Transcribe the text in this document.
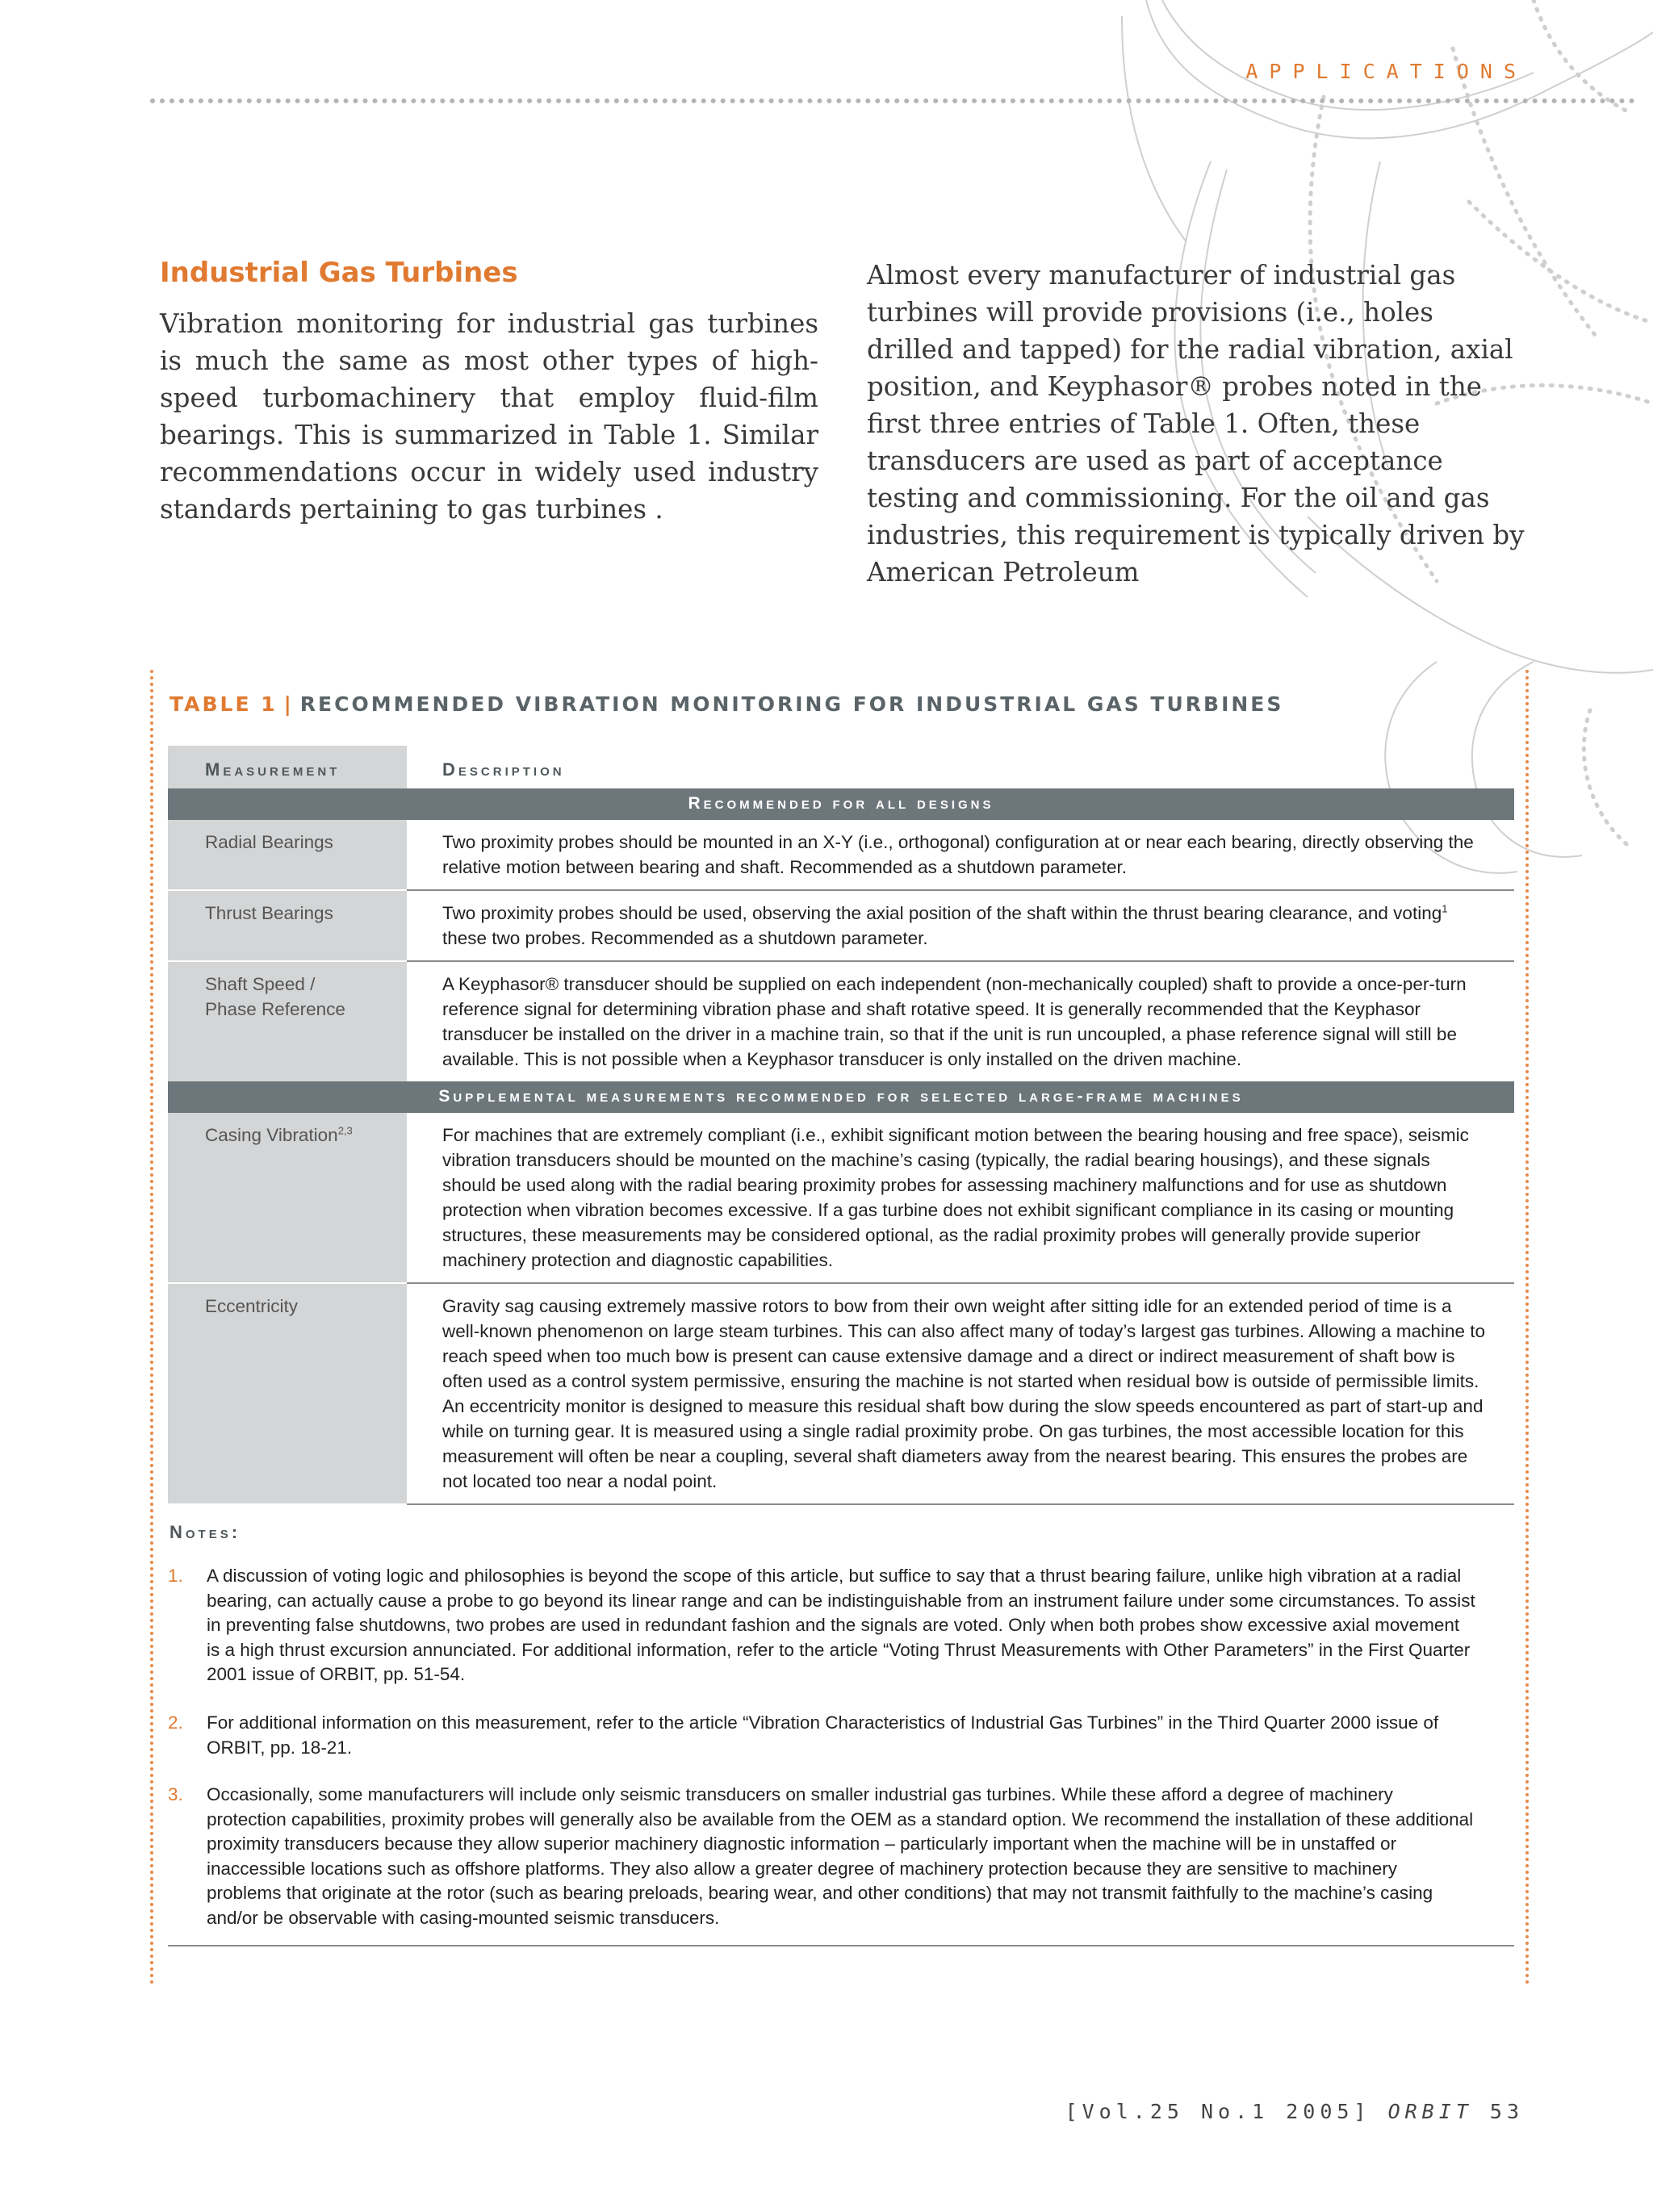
APPLICATIONS
Industrial Gas Turbines
Vibration monitoring for industrial gas turbines is much the same as most other types of high-speed turbomachinery that employ fluid-film bearings. This is summarized in Table 1. Similar recommendations occur in widely used industry standards pertaining to gas turbines .
Almost every manufacturer of industrial gas turbines will provide provisions (i.e., holes drilled and tapped) for the radial vibration, axial position, and Keyphasor® probes noted in the first three entries of Table 1. Often, these transducers are used as part of acceptance testing and commissioning. For the oil and gas industries, this requirement is typically driven by American Petroleum
TABLE 1 | RECOMMENDED VIBRATION MONITORING FOR INDUSTRIAL GAS TURBINES
Measurement	Description
Recommended for all designs	
Radial Bearings	Two proximity probes should be mounted in an X-Y (i.e., orthogonal) configuration at or near each bearing, directly observing the relative motion between bearing and shaft. Recommended as a shutdown parameter.
Thrust Bearings	Two proximity probes should be used, observing the axial position of the shaft within the thrust bearing clearance, and voting$^1$ these two probes. Recommended as a shutdown parameter.
Shaft Speed /
Phase Reference	A Keyphasor® transducer should be supplied on each independent (non-mechanically coupled) shaft to provide a once-per-turn reference signal for determining vibration phase and shaft rotative speed. It is generally recommended that the Keyphasor transducer be installed on the driver in a machine train, so that if the unit is run uncoupled, a phase reference signal will still be available. This is not possible when a Keyphasor transducer is only installed on the driven machine.
Supplemental measurements recommended for selected large-frame machines	
Casing Vibration$^{2,3}$	For machines that are extremely compliant (i.e., exhibit significant motion between the bearing housing and free space), seismic vibration transducers should be mounted on the machine’s casing (typically, the radial bearing housings), and these signals should be used along with the radial bearing proximity probes for assessing machinery malfunctions and for use as shutdown protection when vibration becomes excessive. If a gas turbine does not exhibit significant compliance in its casing or mounting structures, these measurements may be considered optional, as the radial proximity probes will generally provide superior machinery protection and diagnostic capabilities.
Eccentricity	Gravity sag causing extremely massive rotors to bow from their own weight after sitting idle for an extended period of time is a well-known phenomenon on large steam turbines. This can also affect many of today’s largest gas turbines. Allowing a machine to reach speed when too much bow is present can cause extensive damage and a direct or indirect measurement of shaft bow is often used as a control system permissive, ensuring the machine is not started when residual bow is outside of permissible limits. An eccentricity monitor is designed to measure this residual shaft bow during the slow speeds encountered as part of start-up and while on turning gear. It is measured using a single radial proximity probe. On gas turbines, the most accessible location for this measurement will often be near a coupling, several shaft diameters away from the nearest bearing. This ensures the probes are not located too near a nodal point.
Notes:
1. A discussion of voting logic and philosophies is beyond the scope of this article, but suffice to say that a thrust bearing failure, unlike high vibration at a radial bearing, can actually cause a probe to go beyond its linear range and can be indistinguishable from an instrument failure under some circumstances. To assist in preventing false shutdowns, two probes are used in redundant fashion and the signals are voted. Only when both probes show excessive axial movement is a high thrust excursion annunciated. For additional information, refer to the article “Voting Thrust Measurements with Other Parameters” in the First Quarter 2001 issue of ORBIT, pp. 51-54.
2. For additional information on this measurement, refer to the article “Vibration Characteristics of Industrial Gas Turbines” in the Third Quarter 2000 issue of ORBIT, pp. 18-21.
3. Occasionally, some manufacturers will include only seismic transducers on smaller industrial gas turbines. While these afford a degree of machinery protection capabilities, proximity probes will generally also be available from the OEM as a standard option. We recommend the installation of these additional proximity transducers because they allow superior machinery diagnostic information – particularly important when the machine will be in unstaffed or inaccessible locations such as offshore platforms. They also allow a greater degree of machinery protection because they are sensitive to machinery problems that originate at the rotor (such as bearing preloads, bearing wear, and other conditions) that may not transmit faithfully to the machine’s casing and/or be observable with casing-mounted seismic transducers.
[Vol.25 No.1 2005] ORBIT 53
